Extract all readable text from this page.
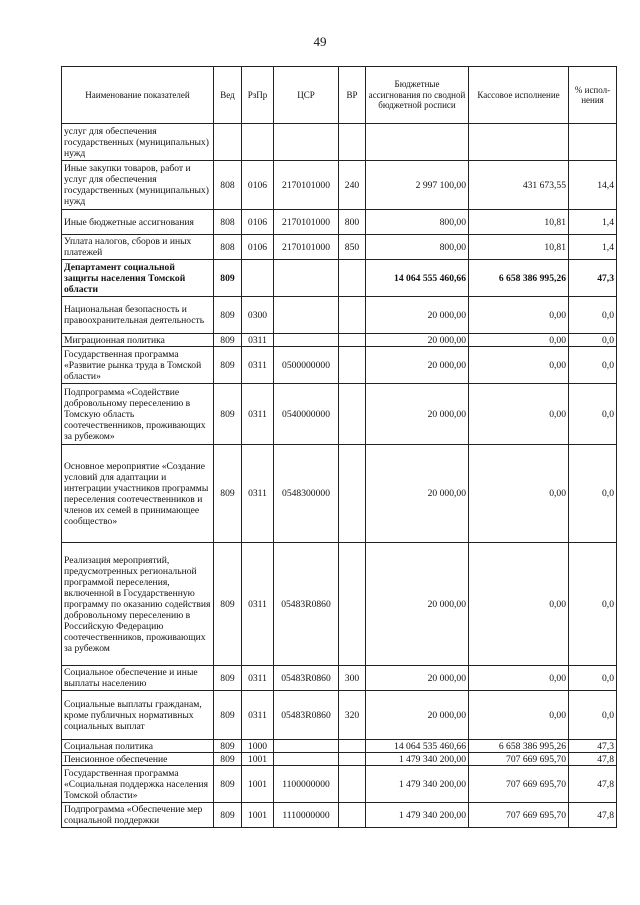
49
Наименование показателей	Вед	РзПр	ЦСР	ВР	Бюджетные ассигнования по сводной бюджетной росписи	Кассовое исполнение	% испол-нения
услуг для обеспечения государственных (муниципальных) нужд							
Иные закупки товаров, работ и услуг для обеспечения государственных (муниципальных) нужд	808	0106	2170101000	240	2 997 100,00	431 673,55	14,4
Иные бюджетные ассигнования	808	0106	2170101000	800	800,00	10,81	1,4
Уплата налогов, сборов и иных платежей	808	0106	2170101000	850	800,00	10,81	1,4
Департамент социальной защиты населения Томской области	809				14 064 555 460,66	6 658 386 995,26	47,3
Национальная безопасность и правоохранительная деятельность	809	0300			20 000,00	0,00	0,0
Миграционная политика	809	0311			20 000,00	0,00	0,0
Государственная программа «Развитие рынка труда в Томской области»	809	0311	0500000000		20 000,00	0,00	0,0
Подпрограмма «Содействие добровольному переселению в Томскую область соотечественников, проживающих за рубежом»	809	0311	0540000000		20 000,00	0,00	0,0
Основное мероприятие «Создание условий для адаптации и интеграции участников программы переселения соотечественников и членов их семей в принимающее сообщество»	809	0311	0548300000		20 000,00	0,00	0,0
Реализация мероприятий, предусмотренных региональной программой переселения, включенной в Государственную программу по оказанию содействия добровольному переселению в Российскую Федерацию соотечественников, проживающих за рубежом	809	0311	05483R0860		20 000,00	0,00	0,0
Социальное обеспечение и иные выплаты населению	809	0311	05483R0860	300	20 000,00	0,00	0,0
Социальные выплаты гражданам, кроме публичных нормативных социальных выплат	809	0311	05483R0860	320	20 000,00	0,00	0,0
Социальная политика	809	1000			14 064 535 460,66	6 658 386 995,26	47,3
Пенсионное обеспечение	809	1001			1 479 340 200,00	707 669 695,70	47,8
Государственная программа «Социальная поддержка населения Томской области»	809	1001	1100000000		1 479 340 200,00	707 669 695,70	47,8
Подпрограмма «Обеспечение мер социальной поддержки	809	1001	1110000000		1 479 340 200,00	707 669 695,70	47,8
